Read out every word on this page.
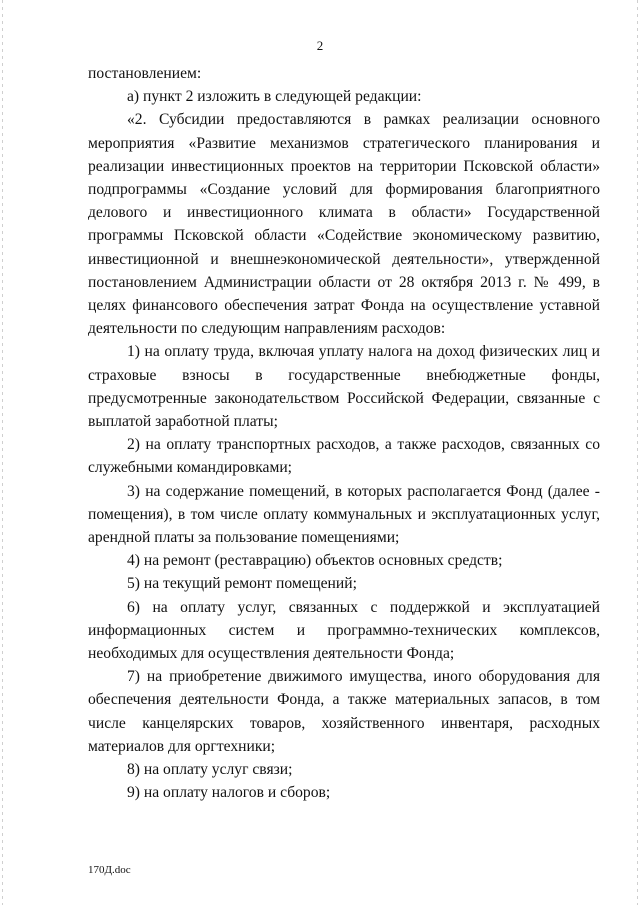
2

постановлением:

а) пункт 2 изложить в следующей редакции:

«2. Субсидии предоставляются в рамках реализации основного мероприятия «Развитие механизмов стратегического планирования и реализации инвестиционных проектов на территории Псковской области» подпрограммы «Создание условий для формирования благоприятного делового и инвестиционного климата в области» Государственной программы Псковской области «Содействие экономическому развитию, инвестиционной и внешнеэкономической деятельности», утвержденной постановлением Администрации области от 28 октября 2013 г. № 499, в целях финансового обеспечения затрат Фонда на осуществление уставной деятельности по следующим направлениям расходов:

1) на оплату труда, включая уплату налога на доход физических лиц и страховые взносы в государственные внебюджетные фонды, предусмотренные законодательством Российской Федерации, связанные с выплатой заработной платы;

2) на оплату транспортных расходов, а также расходов, связанных со служебными командировками;

3) на содержание помещений, в которых располагается Фонд (далее - помещения), в том числе оплату коммунальных и эксплуатационных услуг, арендной платы за пользование помещениями;

4) на ремонт (реставрацию) объектов основных средств;

5) на текущий ремонт помещений;

6) на оплату услуг, связанных с поддержкой и эксплуатацией информационных систем и программно-технических комплексов, необходимых для осуществления деятельности Фонда;

7) на приобретение движимого имущества, иного оборудования для обеспечения деятельности Фонда, а также материальных запасов, в том числе канцелярских товаров, хозяйственного инвентаря, расходных материалов для оргтехники;

8) на оплату услуг связи;

9) на оплату налогов и сборов;

170Д.doc
